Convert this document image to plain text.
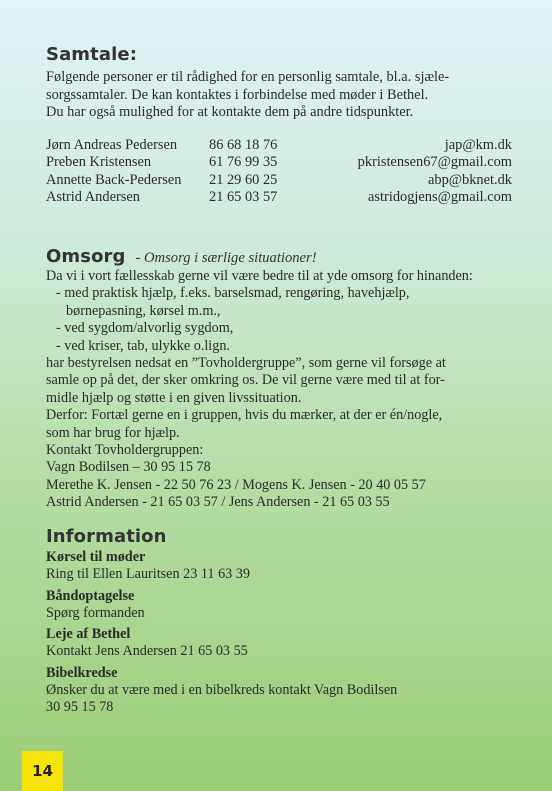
Samtale:
Følgende personer er til rådighed for en personlig samtale, bl.a. sjæle-
sorgssamtaler. De kan kontaktes i forbindelse med møder i Bethel.
Du har også mulighed for at kontakte dem på andre tidspunkter.
Jørn Andreas Pedersen	86 68 18 76	jap@km.dk
Preben Kristensen	61 76 99 35	pkristensen67@gmail.com
Annette Back-Pedersen	21 29 60 25	abp@bknet.dk
Astrid Andersen	21 65 03 57	astridogjens@gmail.com
Omsorg - Omsorg i særlige situationer!

Da vi i vort fællesskab gerne vil være bedre til at yde omsorg for hinanden:

- med praktisk hjælp, f.eks. barselsmad, rengøring, havehjælp,

børnepasning, kørsel m.m.,

- ved sygdom/alvorlig sygdom,

- ved kriser, tab, ulykke o.lign.

har bestyrelsen nedsat en ”Tovholdergruppe”, som gerne vil forsøge at

samle op på det, der sker omkring os. De vil gerne være med til at for-

midle hjælp og støtte i en given livssituation.

Derfor: Fortæl gerne en i gruppen, hvis du mærker, at der er én/nogle,

som har brug for hjælp.

Kontakt Tovholdergruppen:

Vagn Bodilsen – 30 95 15 78

Merethe K. Jensen - 22 50 76 23 / Mogens K. Jensen - 20 40 05 57

Astrid Andersen - 21 65 03 57 / Jens Andersen - 21 65 03 55

Information
Kørsel til møder
Ring til Ellen Lauritsen 23 11 63 39
Båndoptagelse
Spørg formanden
Leje af Bethel
Kontakt Jens Andersen 21 65 03 55
Bibelkredse
Ønsker du at være med i en bibelkreds kontakt Vagn Bodilsen
30 95 15 78
14
